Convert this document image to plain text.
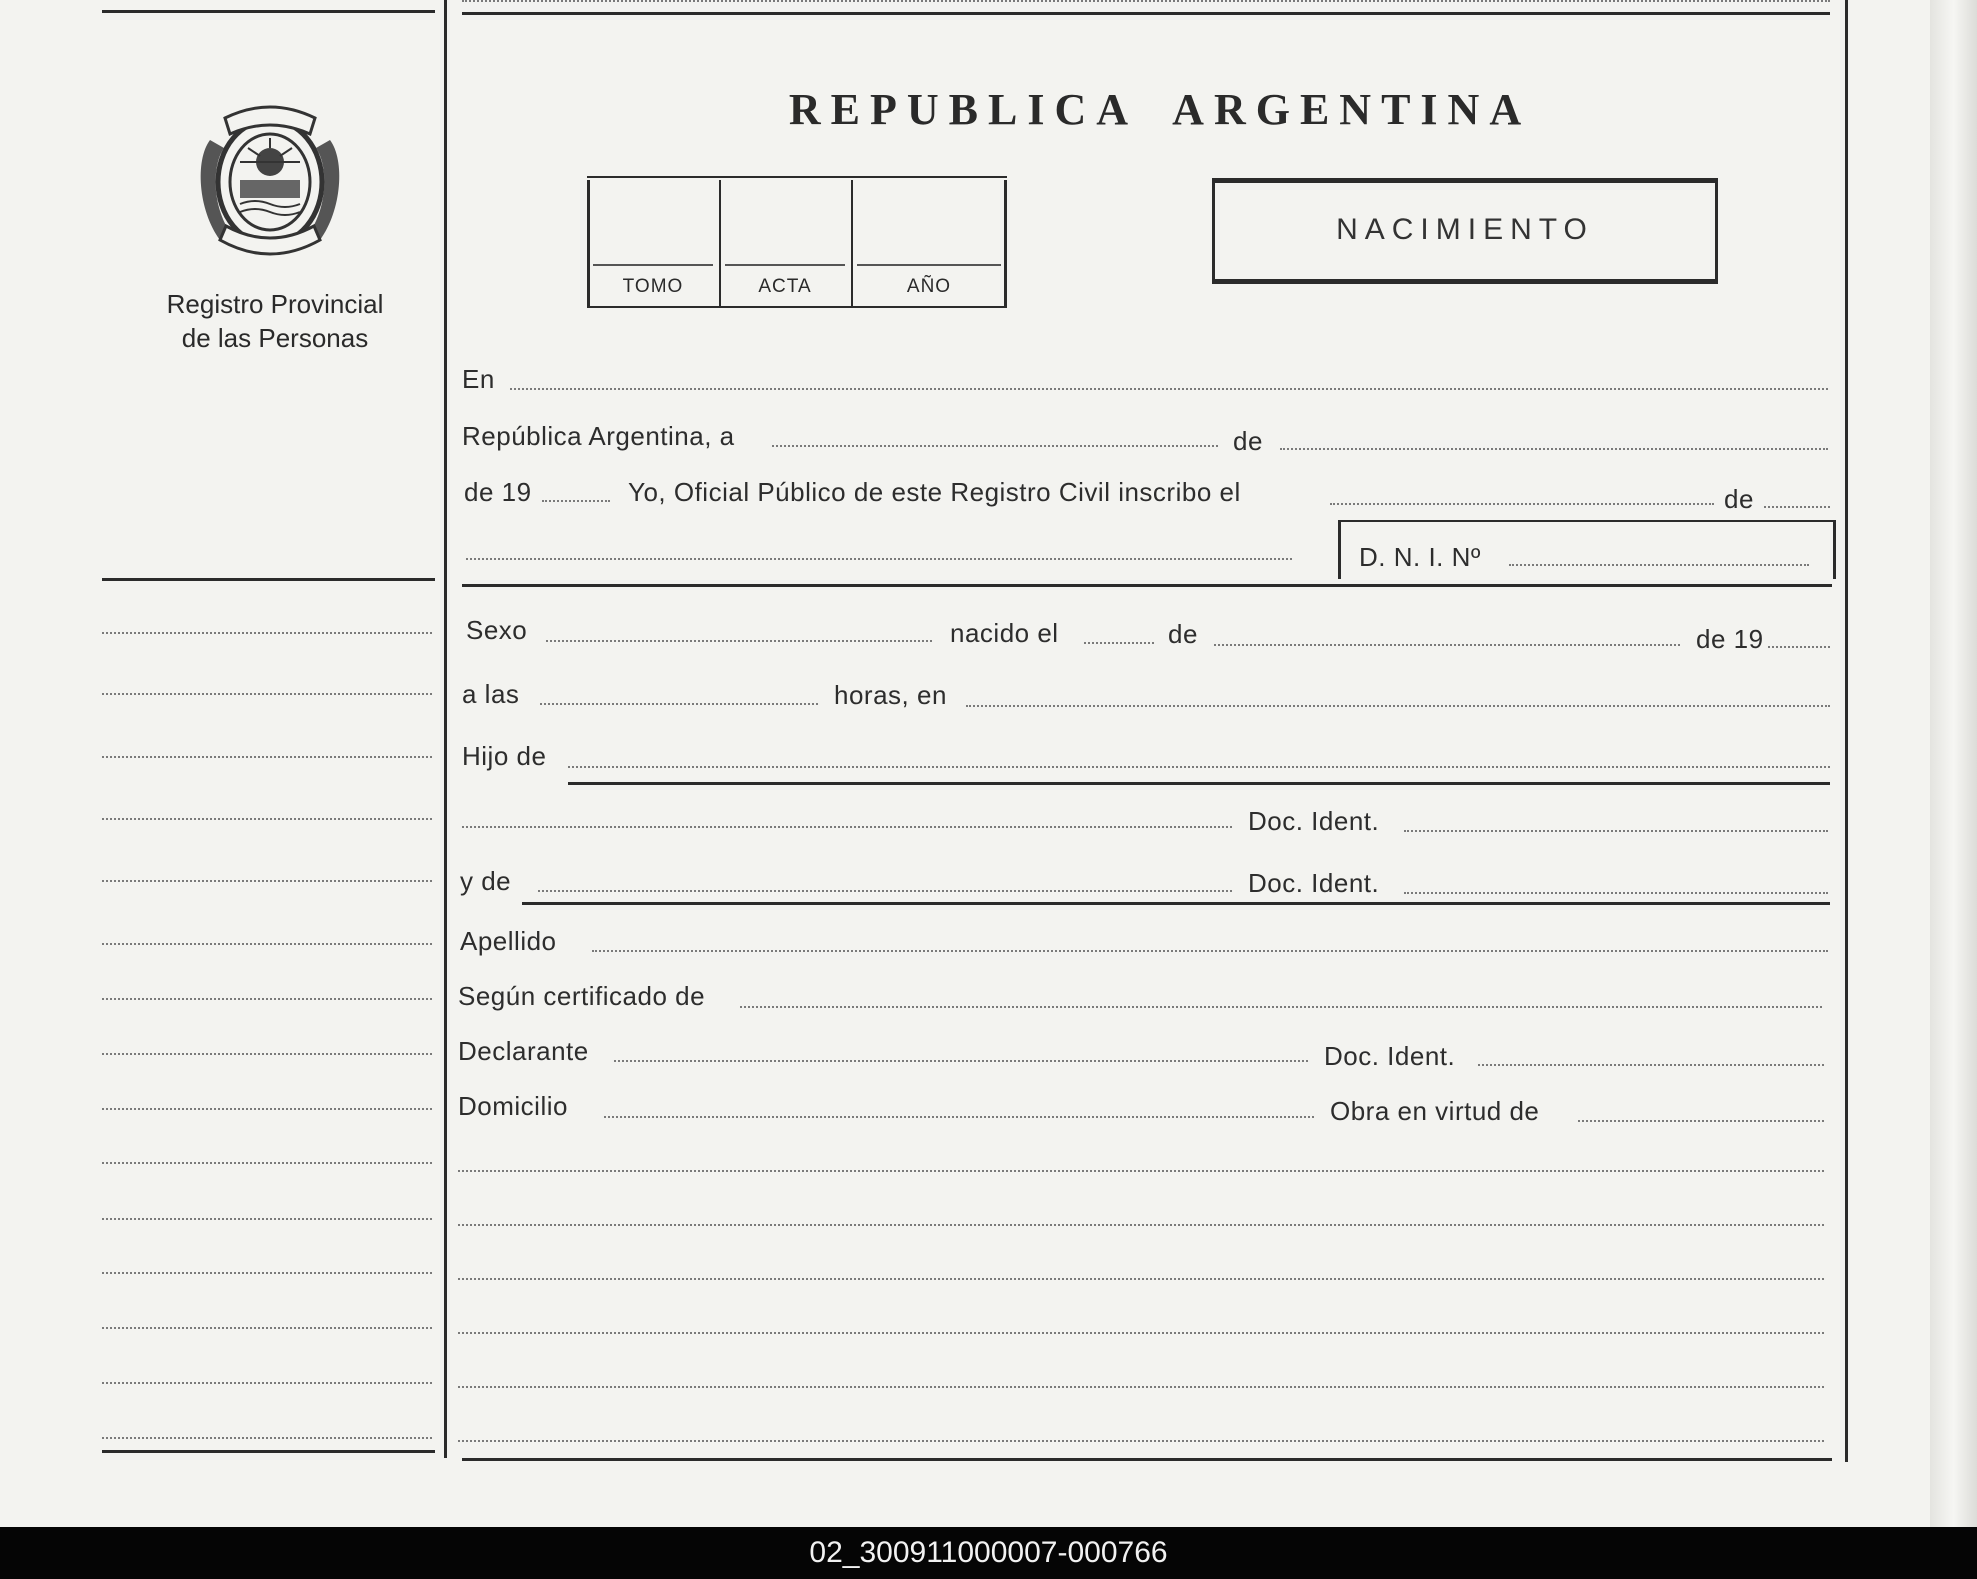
Registro Provincial
de las Personas
REPUBLICA ARGENTINA
TOMO	ACTA	AÑO
NACIMIENTO
En
República Argentina, a	de
de 19	Yo, Oficial Público de este Registro Civil inscribo el	de
D. N. I. Nº
Sexo	nacido el	de	de 19
a las	horas, en
Hijo de
Doc. Ident.
y de	Doc. Ident.
Apellido
Según certificado de
Declarante	Doc. Ident.
Domicilio	Obra en virtud de
02_300911000007-000766
